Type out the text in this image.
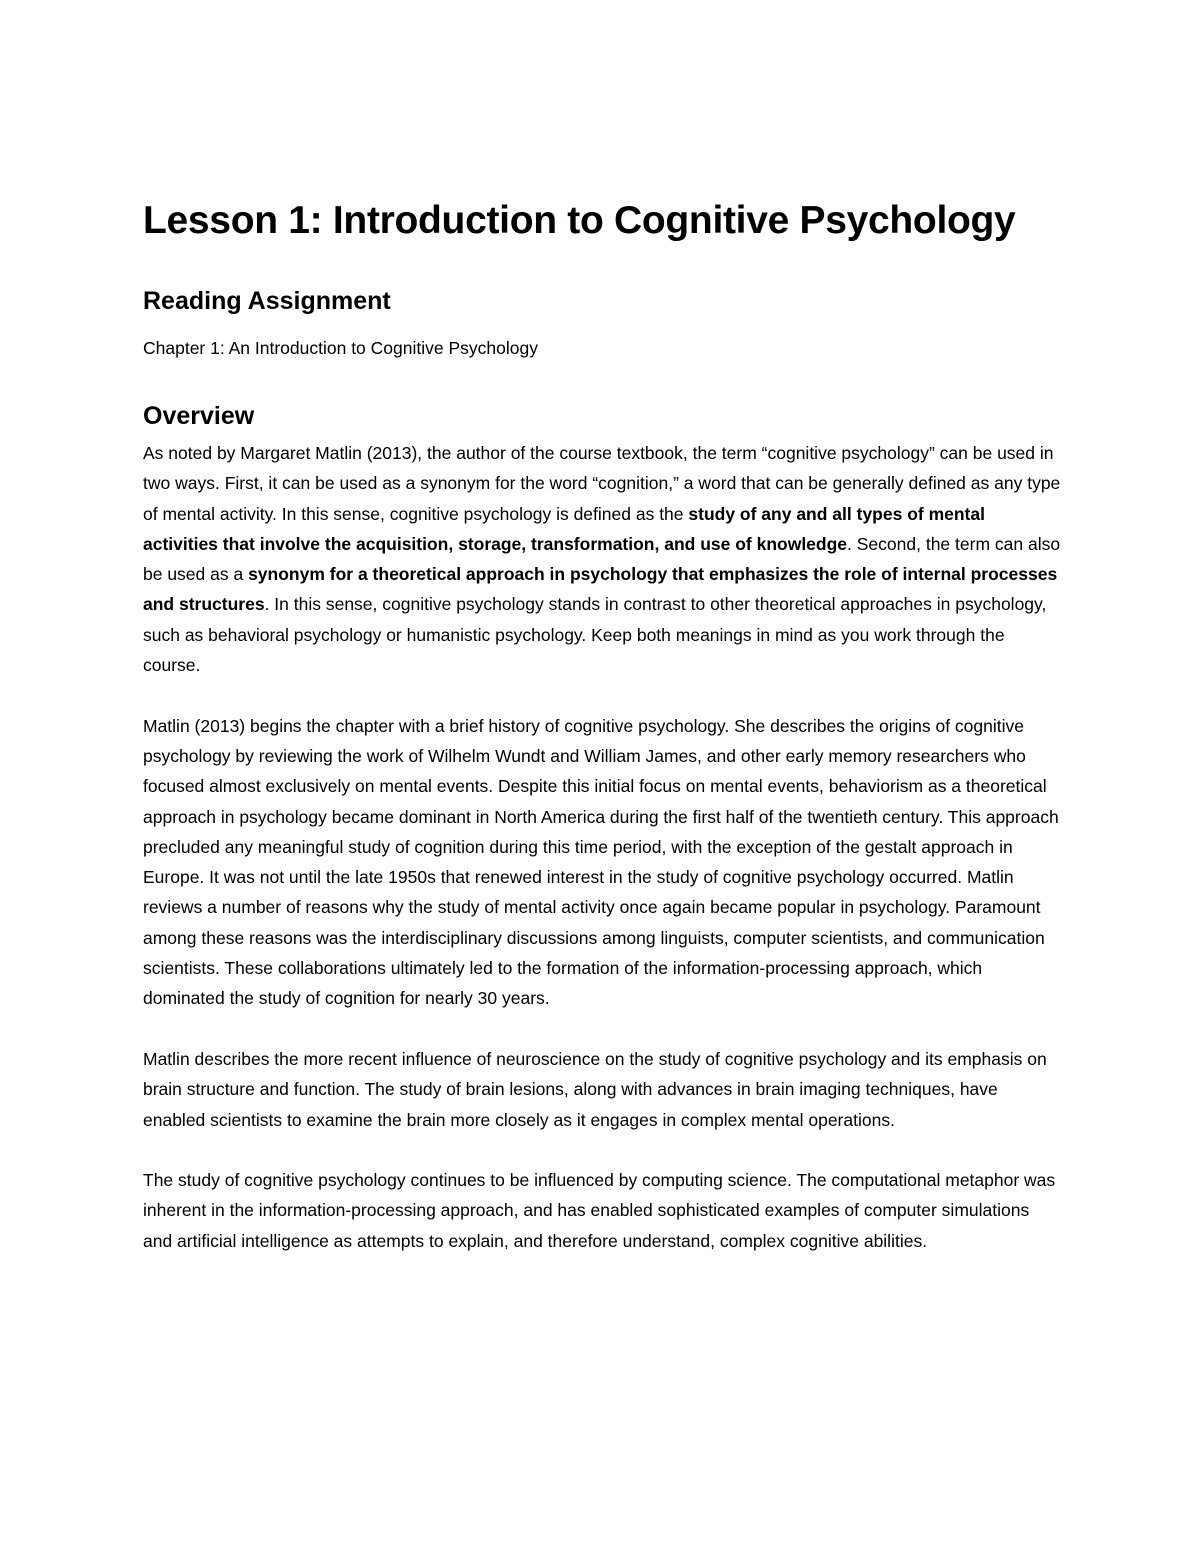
Lesson 1: Introduction to Cognitive Psychology
Reading Assignment

Chapter 1: An Introduction to Cognitive Psychology

Overview

As noted by Margaret Matlin (2013), the author of the course textbook, the term “cognitive psychology” can be used in two ways. First, it can be used as a synonym for the word “cognition,” a word that can be generally defined as any type of mental activity. In this sense, cognitive psychology is defined as the study of any and all types of mental activities that involve the acquisition, storage, transformation, and use of knowledge. Second, the term can also be used as a synonym for a theoretical approach in psychology that emphasizes the role of internal processes and structures. In this sense, cognitive psychology stands in contrast to other theoretical approaches in psychology, such as behavioral psychology or humanistic psychology. Keep both meanings in mind as you work through the course.

Matlin (2013) begins the chapter with a brief history of cognitive psychology. She describes the origins of cognitive psychology by reviewing the work of Wilhelm Wundt and William James, and other early memory researchers who focused almost exclusively on mental events. Despite this initial focus on mental events, behaviorism as a theoretical approach in psychology became dominant in North America during the first half of the twentieth century. This approach precluded any meaningful study of cognition during this time period, with the exception of the gestalt approach in Europe. It was not until the late 1950s that renewed interest in the study of cognitive psychology occurred. Matlin reviews a number of reasons why the study of mental activity once again became popular in psychology. Paramount among these reasons was the interdisciplinary discussions among linguists, computer scientists, and communication scientists. These collaborations ultimately led to the formation of the information-processing approach, which dominated the study of cognition for nearly 30 years.

Matlin describes the more recent influence of neuroscience on the study of cognitive psychology and its emphasis on brain structure and function. The study of brain lesions, along with advances in brain imaging techniques, have enabled scientists to examine the brain more closely as it engages in complex mental operations.

The study of cognitive psychology continues to be influenced by computing science. The computational metaphor was inherent in the information-processing approach, and has enabled sophisticated examples of computer simulations and artificial intelligence as attempts to explain, and therefore understand, complex cognitive abilities.
